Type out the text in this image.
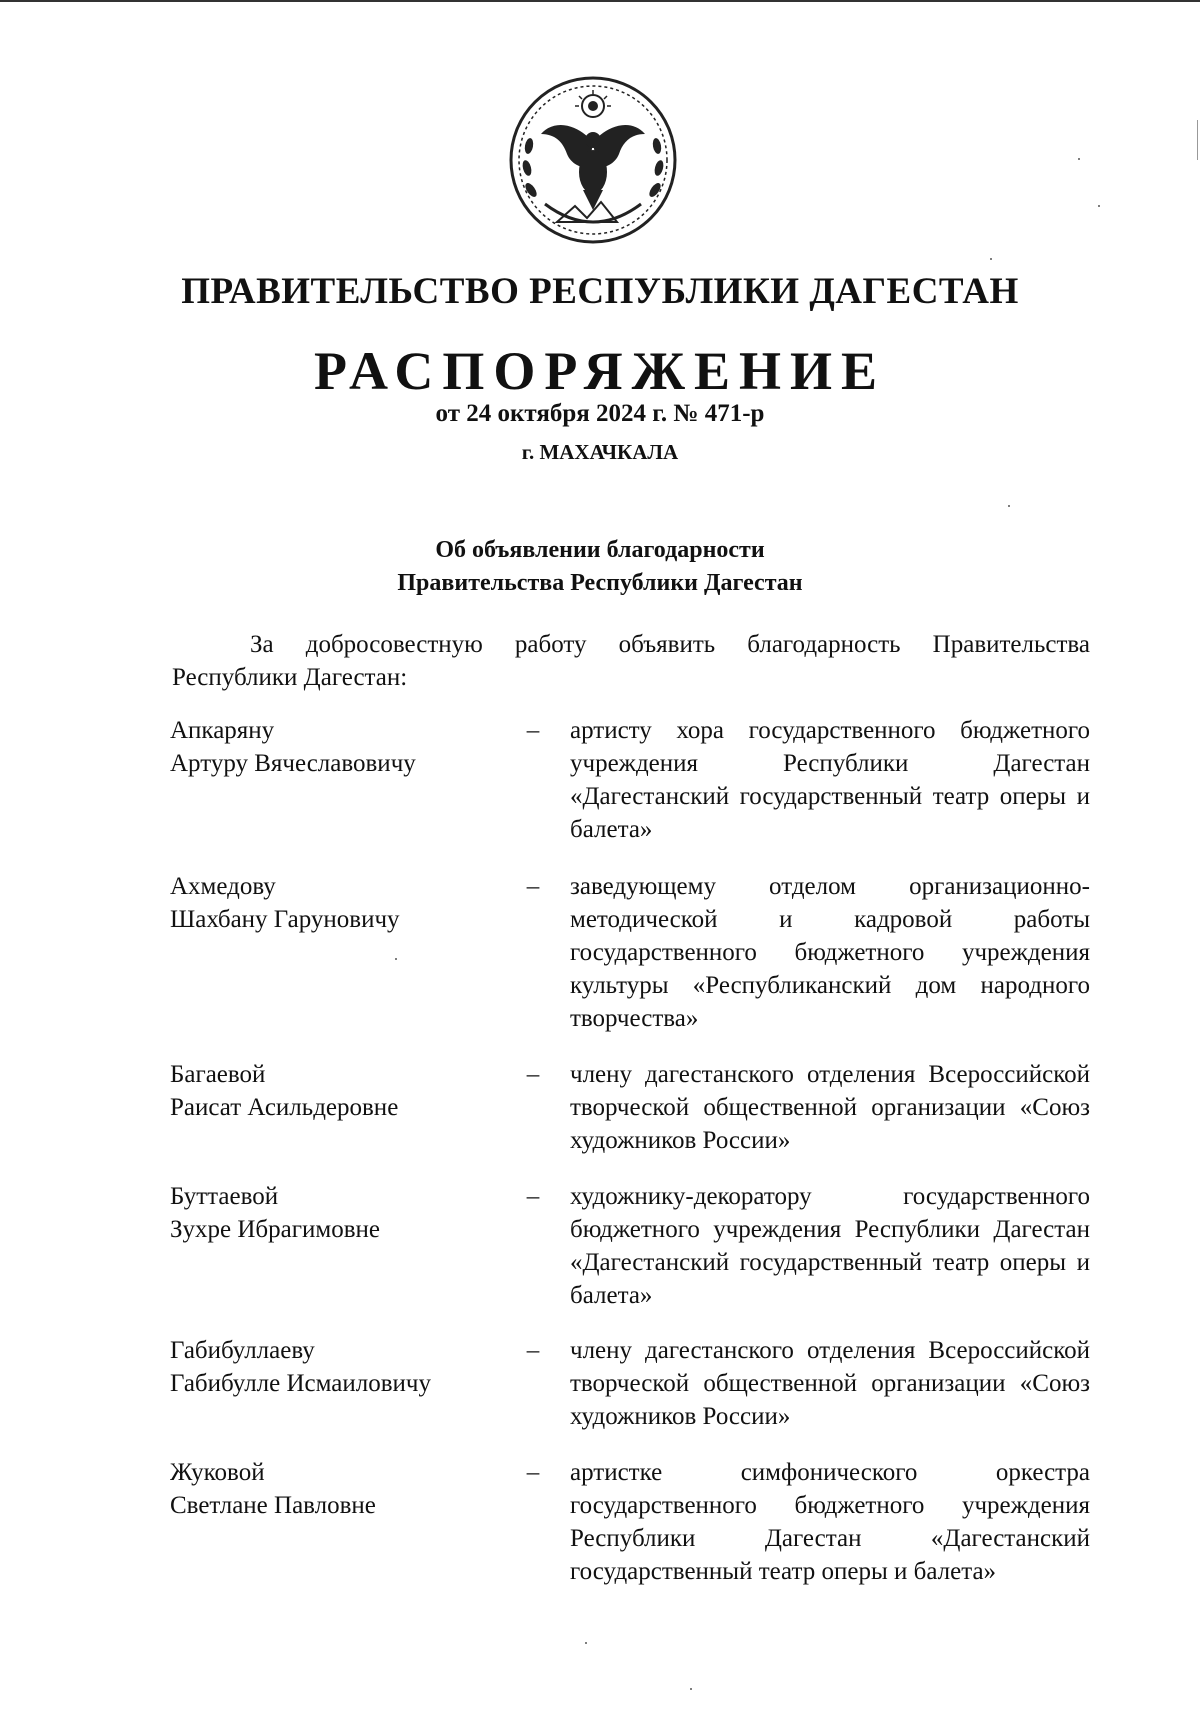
ПРАВИТЕЛЬСТВО РЕСПУБЛИКИ ДАГЕСТАН
РАСПОРЯЖЕНИЕ
от 24 октября 2024 г. № 471-р
г. МАХАЧКАЛА
Об объявлении благодарности
Правительства Республики Дагестан
За добросовестную работу объявить благодарность Правительства Республики Дагестан:
Апкаряну
Артуру Вячеславовичу
– артисту хора государственного бюджетного учреждения Республики Дагестан «Дагестанский государственный театр оперы и балета»
Ахмедову
Шахбану Гаруновичу
– заведующему отделом организационно-методической и кадровой работы государственного бюджетного учреждения культуры «Республиканский дом народного творчества»
Багаевой
Раисат Асильдеровне
– члену дагестанского отделения Всероссийской творческой общественной организации «Союз художников России»
Буттаевой
Зухре Ибрагимовне
– художнику-декоратору государственного бюджетного учреждения Республики Дагестан «Дагестанский государственный театр оперы и балета»
Габибуллаеву
Габибулле Исмаиловичу
– члену дагестанского отделения Всероссийской творческой общественной организации «Союз художников России»
Жуковой
Светлане Павловне
– артистке симфонического оркестра государственного бюджетного учреждения Республики Дагестан «Дагестанский государственный театр оперы и балета»
